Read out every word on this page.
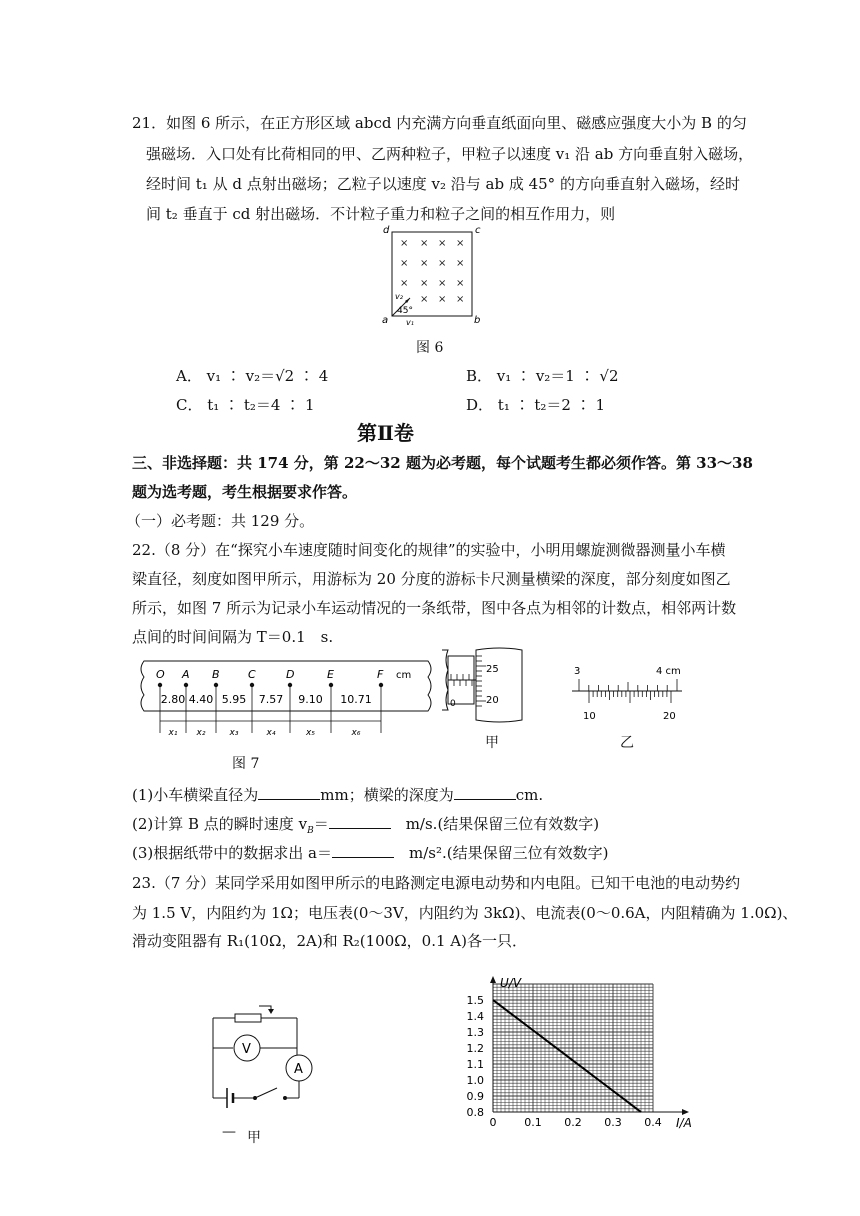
21．如图 6 所示，在正方形区域 abcd 内充满方向垂直纸面向里、磁感应强度大小为 B 的匀
强磁场．入口处有比荷相同的甲、乙两种粒子，甲粒子以速度 v₁ 沿 ab 方向垂直射入磁场，
经时间 t₁ 从 d 点射出磁场；乙粒子以速度 v₂ 沿与 ab 成 45° 的方向垂直射入磁场，经时
间 t₂ 垂直于 cd 射出磁场．不计粒子重力和粒子之间的相互作用力，则
d	c
a	b
× × × ×
× × × ×
× × × ×
× × ×
v₂
45°
v₁
图 6
A． v₁ ∶ v₂＝√2 ∶ 4	B． v₁ ∶ v₂＝1 ∶ √2
C． t₁ ∶ t₂＝4 ∶ 1	D． t₁ ∶ t₂＝2 ∶ 1
第Ⅱ卷
三、非选择题：共 174 分，第 22～32 题为必考题，每个试题考生都必须作答。第 33～38
题为选考题，考生根据要求作答。
（一）必考题：共 129 分。
22.（8 分）在“探究小车速度随时间变化的规律”的实验中，小明用螺旋测微器测量小车横
梁直径，刻度如图甲所示，用游标为 20 分度的游标卡尺测量横梁的深度，部分刻度如图乙
所示，如图 7 所示为记录小车运动情况的一条纸带，图中各点为相邻的计数点，相邻两计数
点间的时间间隔为 T＝0.1　s.
O A B	C	D	E	F
2.80
x₁
4.40
x₂
5.95
x₃
7.57
x₄
9.10
x₅
10.71
x₆
cm
图 7
25
20
0
甲
3	4 cm
10	20
乙
(1)小车横梁直径为	mm；横梁的深度为	cm.
(2)计算 B 点的瞬时速度 $v_B=$	　m/s.(结果保留三位有效数字)
(3)根据纸带中的数据求出 a＝	　m/s².(结果保留三位有效数字)
23.（7 分）某同学采用如图甲所示的电路测定电源电动势和内电阻。已知干电池的电动势约
为 1.5 V，内阻约为 1Ω；电压表(0～3V，内阻约为 3kΩ)、电流表(0～0.6A，内阻精确为 1.0Ω)、
滑动变阻器有 R₁(10Ω，2A)和 R₂(100Ω，0.1 A)各一只．
V
A
— 甲
U/V
I/A
1.5
1.4
1.3
1.2
1.1
1.0
0.9
0.8
0	0.1 0.2 0.3 0.4
